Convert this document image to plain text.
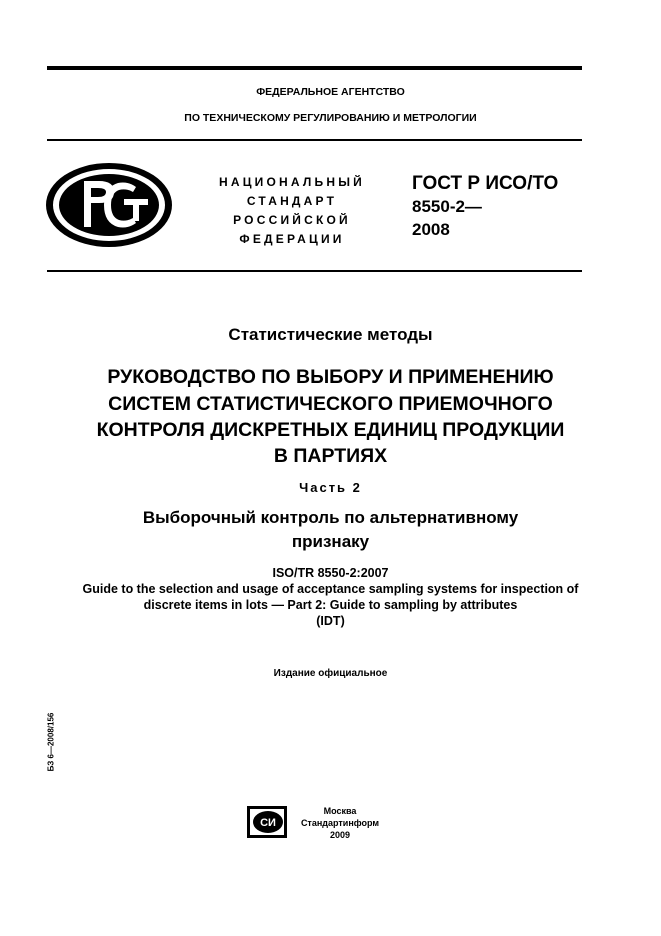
ФЕДЕРАЛЬНОЕ АГЕНТСТВО
ПО ТЕХНИЧЕСКОМУ РЕГУЛИРОВАНИЮ И МЕТРОЛОГИИ
НАЦИОНАЛЬНЫЙ
СТАНДАРТ
РОССИЙСКОЙ
ФЕДЕРАЦИИ
ГОСТ Р ИСО/ТО
8550-2—
2008
Статистические методы
РУКОВОДСТВО ПО ВЫБОРУ И ПРИМЕНЕНИЮ
СИСТЕМ СТАТИСТИЧЕСКОГО ПРИЕМОЧНОГО
КОНТРОЛЯ ДИСКРЕТНЫХ ЕДИНИЦ ПРОДУКЦИИ
В ПАРТИЯХ
Часть 2
Выборочный контроль по альтернативному
признаку
ISO/TR 8550-2:2007
Guide to the selection and usage of acceptance sampling systems for inspection of
discrete items in lots — Part 2: Guide to sampling by attributes
(IDT)
Издание официальное
БЗ 6—2008/156
СИ
Москва
Стандартинформ
2009
